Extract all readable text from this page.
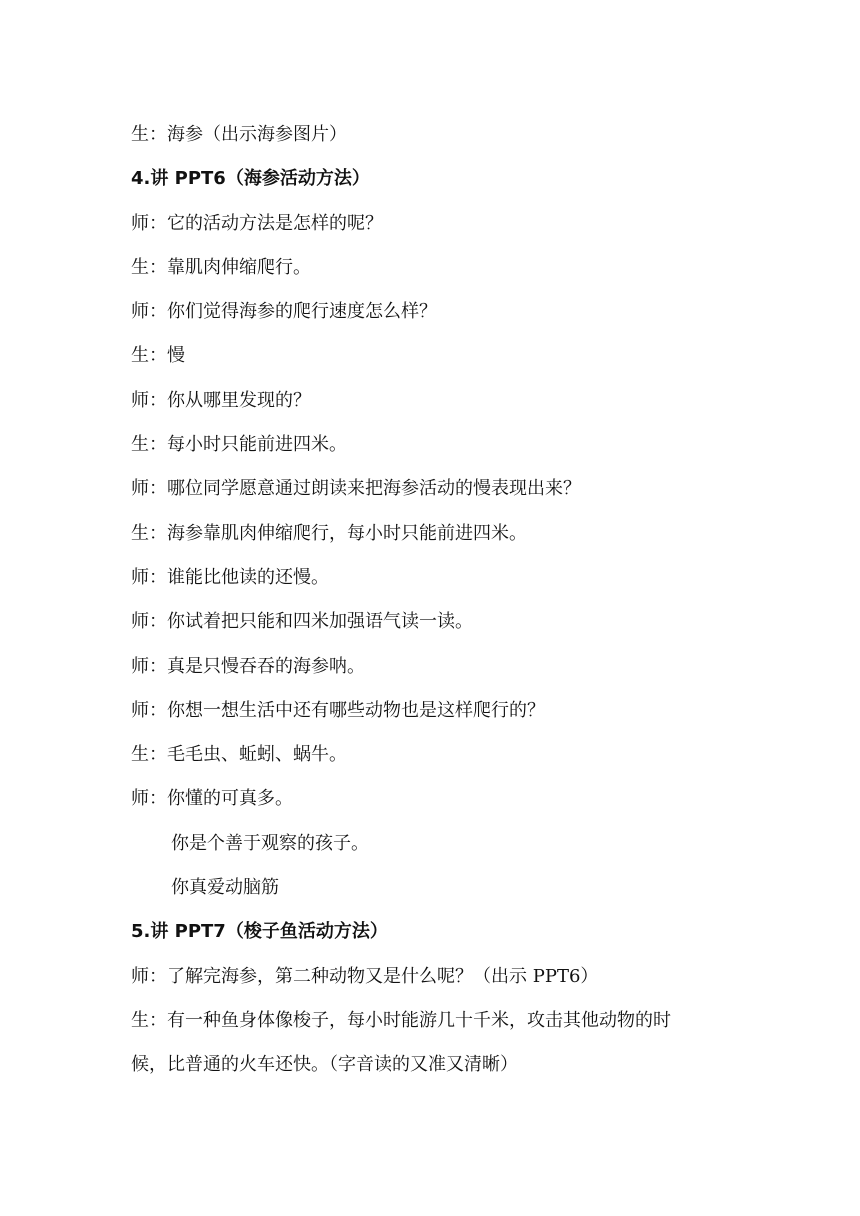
生：海参（出示海参图片）

4.讲 PPT6（海参活动方法）

师：它的活动方法是怎样的呢？

生：靠肌肉伸缩爬行。

师：你们觉得海参的爬行速度怎么样？

生：慢

师：你从哪里发现的？

生：每小时只能前进四米。

师：哪位同学愿意通过朗读来把海参活动的慢表现出来？

生：海参靠肌肉伸缩爬行，每小时只能前进四米。

师：谁能比他读的还慢。

师：你试着把只能和四米加强语气读一读。

师：真是只慢吞吞的海参呐。

师：你想一想生活中还有哪些动物也是这样爬行的？

生：毛毛虫、蚯蚓、蜗牛。

师：你懂的可真多。

你是个善于观察的孩子。

你真爱动脑筋

5.讲 PPT7（梭子鱼活动方法）

师：了解完海参，第二种动物又是什么呢？（出示 PPT6）

生：有一种鱼身体像梭子，每小时能游几十千米，攻击其他动物的时

候，比普通的火车还快。（字音读的又准又清晰）
